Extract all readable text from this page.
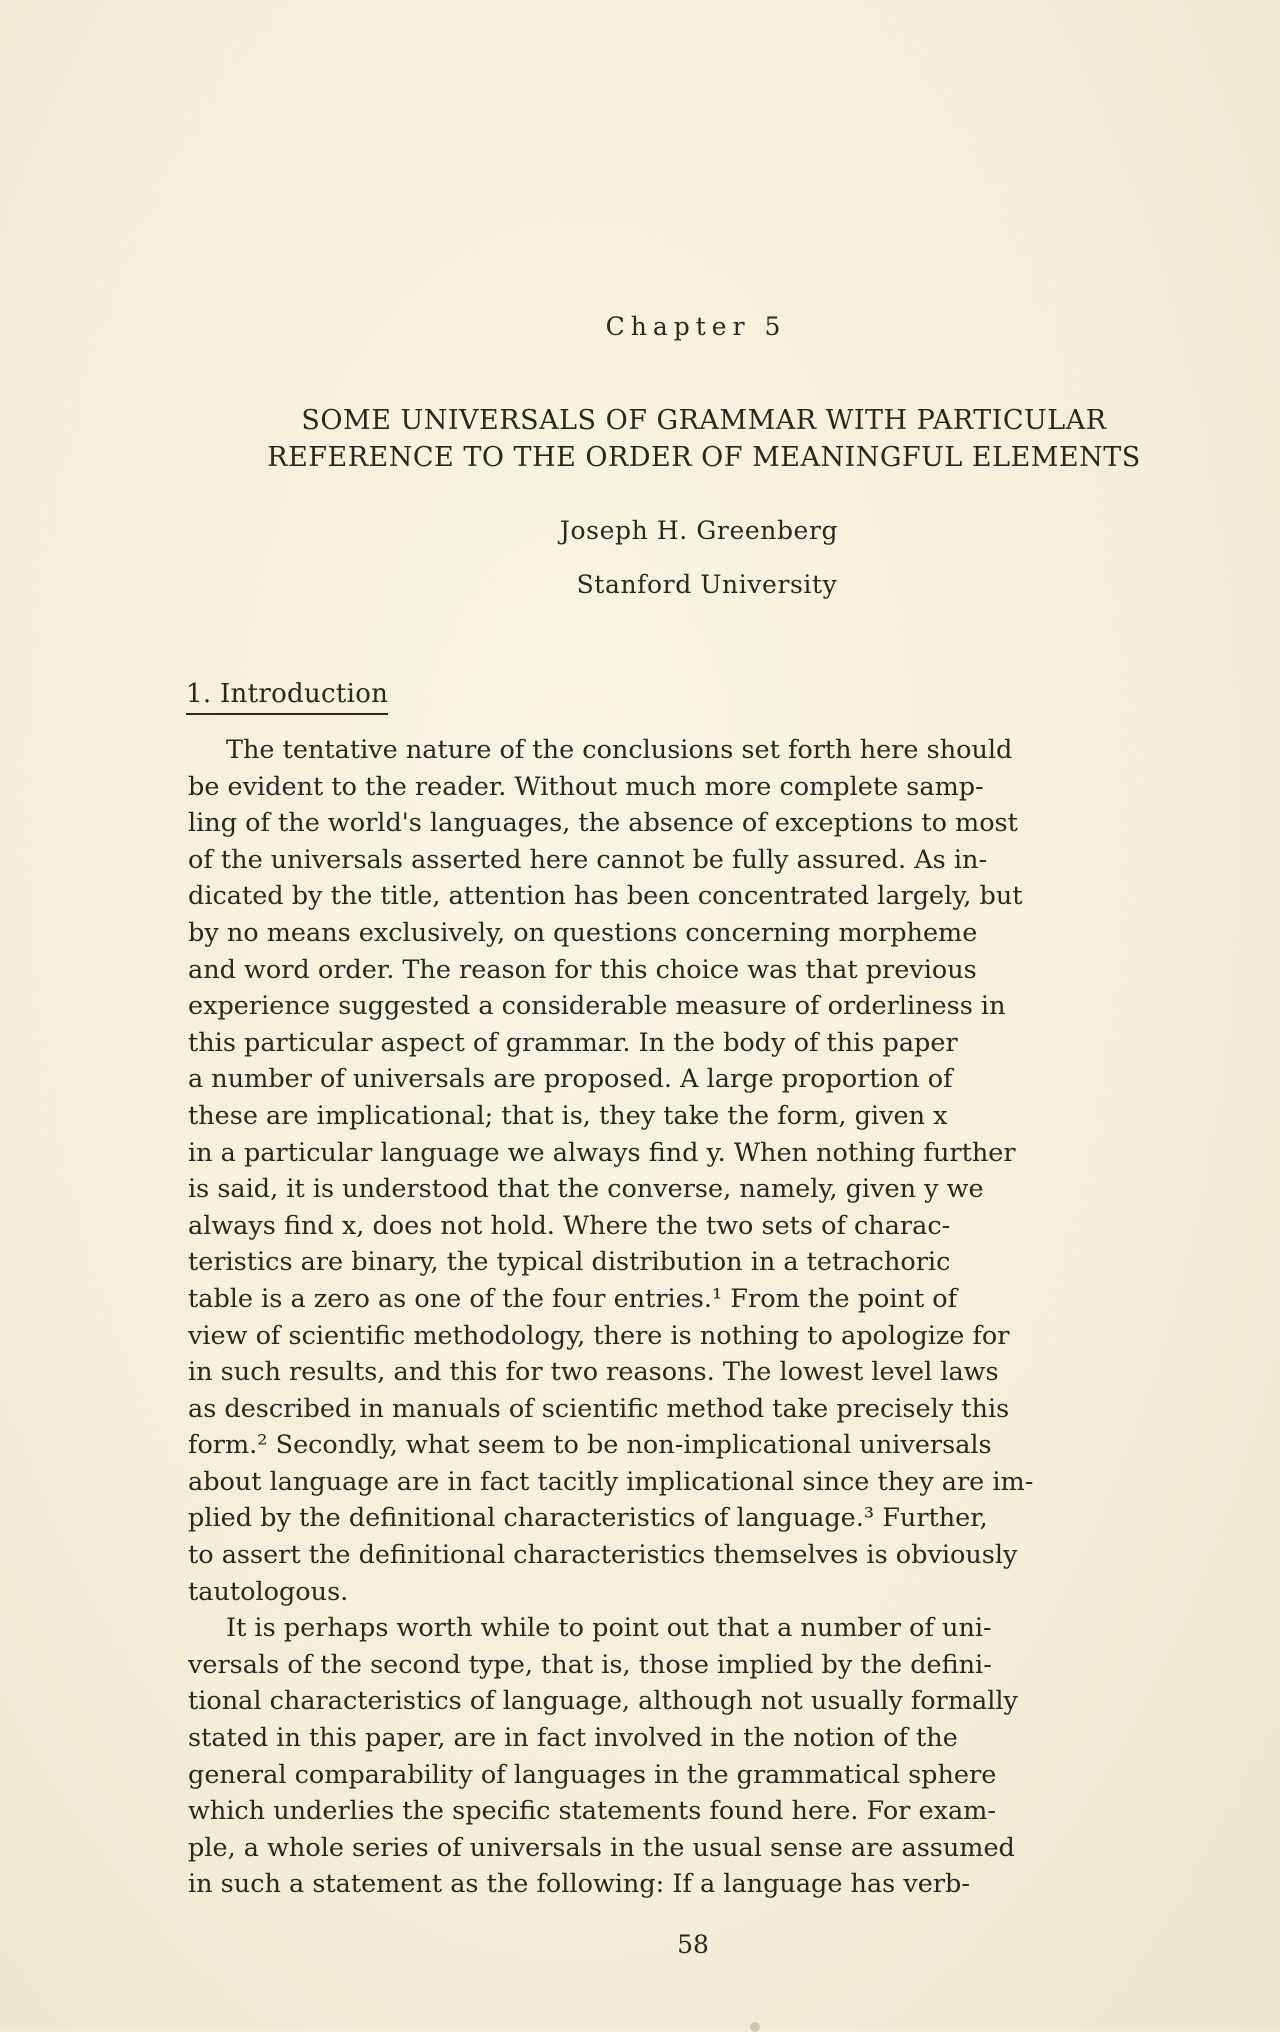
Chapter 5
SOME UNIVERSALS OF GRAMMAR WITH PARTICULAR
REFERENCE TO THE ORDER OF MEANINGFUL ELEMENTS
Joseph H. Greenberg
Stanford University
1. Introduction
The tentative nature of the conclusions set forth here should
be evident to the reader. Without much more complete samp-
ling of the world's languages, the absence of exceptions to most
of the universals asserted here cannot be fully assured. As in-
dicated by the title, attention has been concentrated largely, but
by no means exclusively, on questions concerning morpheme
and word order. The reason for this choice was that previous
experience suggested a considerable measure of orderliness in
this particular aspect of grammar. In the body of this paper
a number of universals are proposed. A large proportion of
these are implicational; that is, they take the form, given x
in a particular language we always find y. When nothing further
is said, it is understood that the converse, namely, given y we
always find x, does not hold. Where the two sets of charac-
teristics are binary, the typical distribution in a tetrachoric
table is a zero as one of the four entries.¹ From the point of
view of scientific methodology, there is nothing to apologize for
in such results, and this for two reasons. The lowest level laws
as described in manuals of scientific method take precisely this
form.² Secondly, what seem to be non-implicational universals
about language are in fact tacitly implicational since they are im-
plied by the definitional characteristics of language.³ Further,
to assert the definitional characteristics themselves is obviously
tautologous.
It is perhaps worth while to point out that a number of uni-
versals of the second type, that is, those implied by the defini-
tional characteristics of language, although not usually formally
stated in this paper, are in fact involved in the notion of the
general comparability of languages in the grammatical sphere
which underlies the specific statements found here. For exam-
ple, a whole series of universals in the usual sense are assumed
in such a statement as the following: If a language has verb-
58
